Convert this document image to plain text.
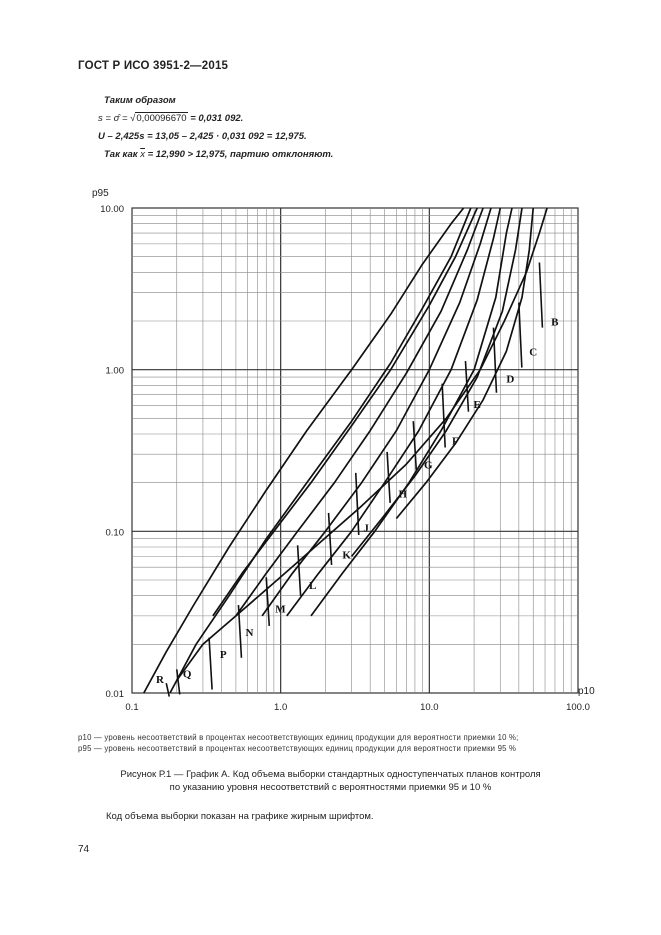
ГОСТ Р ИСО 3951-2—2015
Таким образом
s = σ̂ = √0,00096670 = 0,031 092.
U – 2,425s = 13,05 – 2,425 · 0,031 092 = 12,975.
Так как $\overline{x} = 12,990 > 12,975$, партию отклоняют.
R Q
P
N
M
L
K
J
H
G
F
E
D
C
B
0.1	1.0	10.0	100.0
0.01
0.10
1.00
10.00
p95
p10
p10 — уровень несоответствий в процентах несоответствующих единиц продукции для вероятности приемки 10 %;
p95 — уровень несоответствий в процентах несоответствующих единиц продукции для вероятности приемки 95 %
Рисунок Р.1 — График А. Код объема выборки стандартных одноступенчатых планов контроля
по указанию уровня несоответствий с вероятностями приемки 95 и 10 %
Код объема выборки показан на графике жирным шрифтом.
74
